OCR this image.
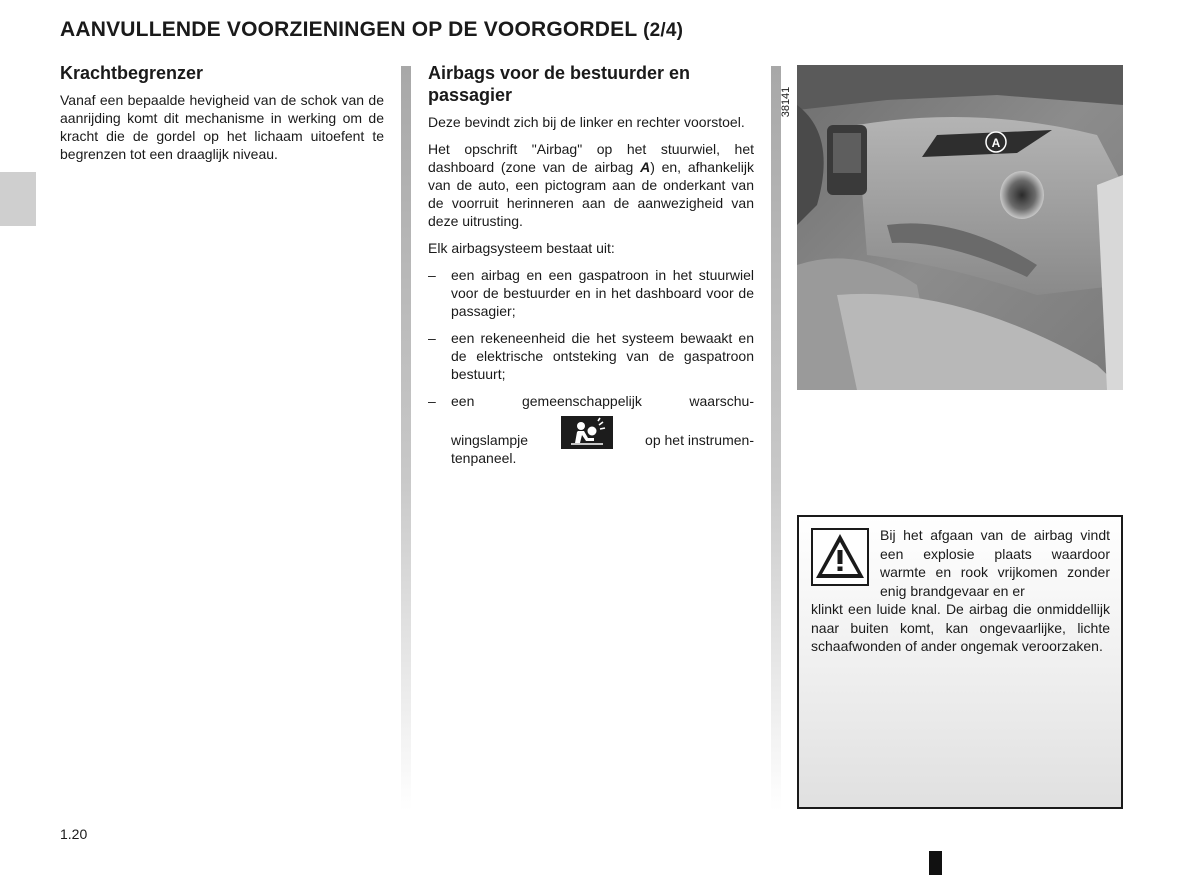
AANVULLENDE VOORZIENINGEN OP DE VOORGORDEL (2/4)
Krachtbegrenzer

Vanaf een bepaalde hevigheid van de schok van de aanrijding komt dit mechanisme in werking om de kracht die de gordel op het lichaam uitoefent te begrenzen tot een draaglijk niveau.

Airbags voor de bestuurder en passagier

Deze bevindt zich bij de linker en rechter voorstoel.

Het opschrift "Airbag" op het stuurwiel, het dashboard (zone van de airbag A) en, afhankelijk van de auto, een pictogram aan de onderkant van de voorruit herinneren aan de aanwezigheid van deze uitrusting.

Elk airbagsysteem bestaat uit:

– een airbag en een gaspatroon in het stuurwiel voor de bestuurder en in het dashboard voor de passagier;
– een rekeneenheid die het systeem bewaakt en de elektrische ontsteking van de gaspatroon bestuurt;
– een gemeenschappelijk waarschu-
wingslampje	op het instrumen-
tenpaneel.
38141
A
Bij het afgaan van de airbag vindt een explosie plaats waardoor warmte en rook vrijkomen zonder enig brandgevaar en er
klinkt een luide knal. De airbag die onmiddellijk naar buiten komt, kan ongevaarlijke, lichte schaafwonden of ander ongemak veroorzaken.
1.20
